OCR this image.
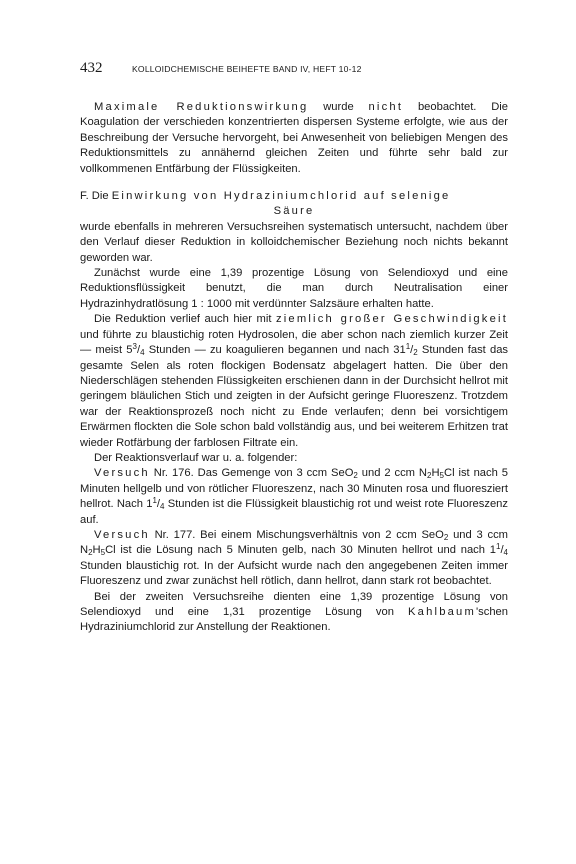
432	KOLLOIDCHEMISCHE BEIHEFTE BAND IV, HEFT 10-12

Maximale Reduktionswirkung wurde nicht beobachtet. Die Koagulation der verschieden konzentrierten dispersen Systeme erfolgte, wie aus der Beschreibung der Versuche hervorgeht, bei Anwesenheit von beliebigen Mengen des Reduktionsmittels zu annähernd gleichen Zeiten und führte sehr bald zur vollkommenen Entfärbung der Flüssigkeiten.

F. Die Einwirkung von Hydraziniumchlorid auf selenige
Säure

wurde ebenfalls in mehreren Versuchsreihen systematisch untersucht, nachdem über den Verlauf dieser Reduktion in kolloidchemischer Beziehung noch nichts bekannt geworden war.

Zunächst wurde eine 1,39 prozentige Lösung von Selendioxyd und eine Reduktionsflüssigkeit benutzt, die man durch Neutralisation einer Hydrazinhydratlösung 1 : 1000 mit verdünnter Salzsäure erhalten hatte.

Die Reduktion verlief auch hier mit ziemlich großer Geschwindigkeit und führte zu blaustichig roten Hydrosolen, die aber schon nach ziemlich kurzer Zeit — meist $5^3/_4$ Stunden — zu koagulieren begannen und nach $31^1/_2$ Stunden fast das gesamte Selen als roten flockigen Bodensatz abgelagert hatten. Die über den Niederschlägen stehenden Flüssigkeiten erschienen dann in der Durchsicht hellrot mit geringem bläulichen Stich und zeigten in der Aufsicht geringe Fluoreszenz. Trotzdem war der Reaktionsprozeß noch nicht zu Ende verlaufen; denn bei vorsichtigem Erwärmen flockten die Sole schon bald vollständig aus, und bei weiterem Erhitzen trat wieder Rotfärbung der farblosen Filtrate ein.

Der Reaktionsverlauf war u. a. folgender:

Versuch Nr. 176. Das Gemenge von 3 ccm SeO$_2$ und 2 ccm $N_2H_5Cl$ ist nach 5 Minuten hellgelb und von rötlicher Fluoreszenz, nach 30 Minuten rosa und fluoresziert hellrot. Nach $1^1/_4$ Stunden ist die Flüssigkeit blaustichig rot und weist rote Fluoreszenz auf.

Versuch Nr. 177. Bei einem Mischungsverhältnis von 2 ccm SeO$_2$ und 3 ccm $N_2H_5Cl$ ist die Lösung nach 5 Minuten gelb, nach 30 Minuten hellrot und nach $1^1/_4$ Stunden blaustichig rot. In der Aufsicht wurde nach den angegebenen Zeiten immer Fluoreszenz und zwar zunächst hell rötlich, dann hellrot, dann stark rot beobachtet.

Bei der zweiten Versuchsreihe dienten eine 1,39 prozentige Lösung von Selendioxyd und eine 1,31 prozentige Lösung von Kahlbaum'schen Hydraziniumchlorid zur Anstellung der Reaktionen.
